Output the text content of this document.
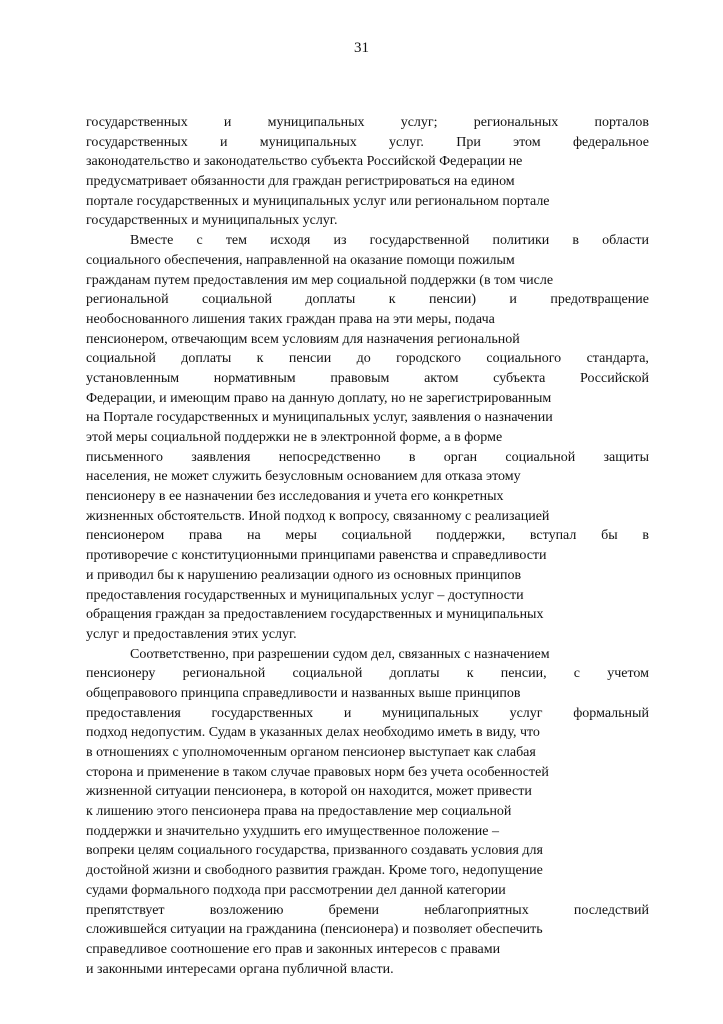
31
государственных	и	муниципальных	услуг;	региональных	порталов
государственных и муниципальных услуг. При этом федеральное
законодательство и законодательство субъекта Российской Федерации не
предусматривает обязанности для граждан регистрироваться на едином
портале государственных и муниципальных услуг или региональном портале
государственных и муниципальных услуг.
Вместе с тем исходя из государственной политики в области
социального обеспечения, направленной на оказание помощи пожилым
гражданам путем предоставления им мер социальной поддержки (в том числе
региональной социальной доплаты к пенсии) и предотвращение
необоснованного лишения таких граждан права на эти меры, подача
пенсионером, отвечающим всем условиям для назначения региональной
социальной доплаты к пенсии до городского социального стандарта,
установленным нормативным правовым актом субъекта Российской
Федерации, и имеющим право на данную доплату, но не зарегистрированным
на Портале государственных и муниципальных услуг, заявления о назначении
этой меры социальной поддержки не в электронной форме, а в форме
письменного заявления непосредственно в орган социальной защиты
населения, не может служить безусловным основанием для отказа этому
пенсионеру в ее назначении без исследования и учета его конкретных
жизненных обстоятельств. Иной подход к вопросу, связанному с реализацией
пенсионером права на меры социальной поддержки, вступал бы в
противоречие с конституционными принципами равенства и справедливости
и приводил бы к нарушению реализации одного из основных принципов
предоставления государственных и муниципальных услуг – доступности
обращения граждан за предоставлением государственных и муниципальных
услуг и предоставления этих услуг.
Соответственно, при разрешении судом дел, связанных с назначением
пенсионеру региональной социальной доплаты к пенсии, с учетом
общеправового принципа справедливости и названных выше принципов
предоставления государственных и муниципальных услуг формальный
подход недопустим. Судам в указанных делах необходимо иметь в виду, что
в отношениях с уполномоченным органом пенсионер выступает как слабая
сторона и применение в таком случае правовых норм без учета особенностей
жизненной ситуации пенсионера, в которой он находится, может привести
к лишению этого пенсионера права на предоставление мер социальной
поддержки и значительно ухудшить его имущественное положение –
вопреки целям социального государства, призванного создавать условия для
достойной жизни и свободного развития граждан. Кроме того, недопущение
судами формального подхода при рассмотрении дел данной категории
препятствует	возложению	бремени	неблагоприятных	последствий
сложившейся ситуации на гражданина (пенсионера) и позволяет обеспечить
справедливое соотношение его прав и законных интересов с правами
и законными интересами органа публичной власти.
